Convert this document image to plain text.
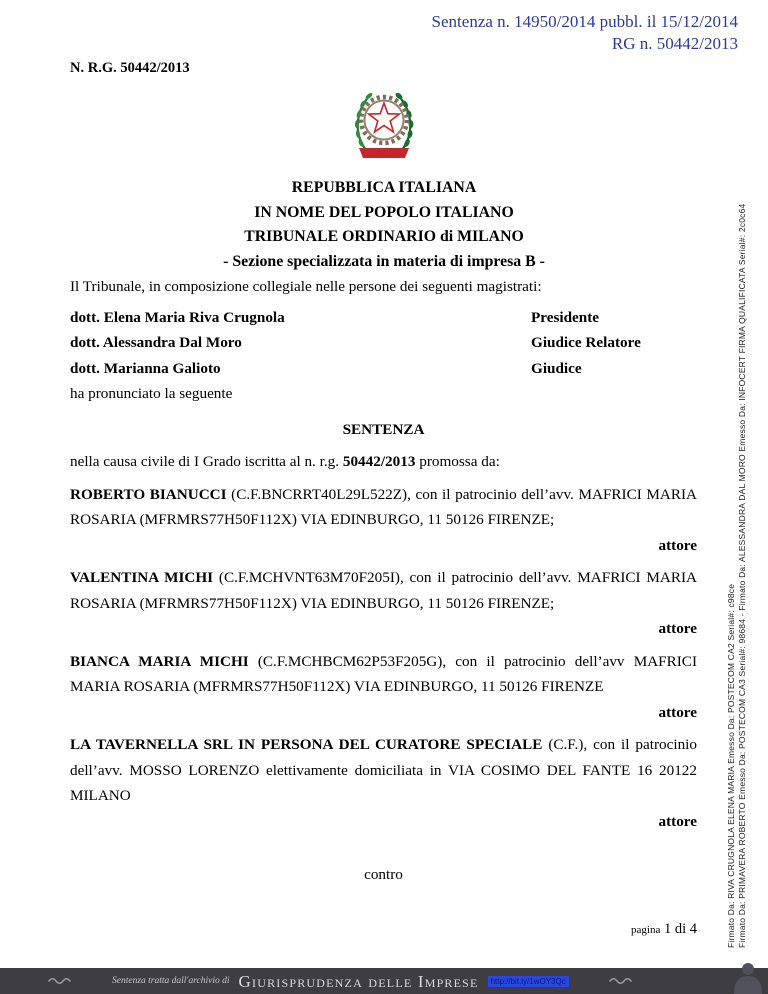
Sentenza n. 14950/2014 pubbl. il 15/12/2014
RG n. 50442/2013
N. R.G. 50442/2013
REPUBBLICA ITALIANA
IN NOME DEL POPOLO ITALIANO
TRIBUNALE ORDINARIO di MILANO
- Sezione specializzata in materia di impresa B -

Il Tribunale, in composizione collegiale nelle persone dei seguenti magistrati:

dott. Elena Maria Riva Crugnola	Presidente
dott. Alessandra Dal Moro	Giudice Relatore
dott. Marianna Galioto	Giudice

ha pronunciato la seguente

SENTENZA

nella causa civile di I Grado iscritta al n. r.g. 50442/2013 promossa da:

ROBERTO BIANUCCI (C.F.BNCRRT40L29L522Z), con il patrocinio dell’avv. MAFRICI MARIA ROSARIA (MFRMRS77H50F112X) VIA EDINBURGO, 11 50126 FIRENZE;

attore

VALENTINA MICHI (C.F.MCHVNT63M70F205I), con il patrocinio dell’avv. MAFRICI MARIA ROSARIA (MFRMRS77H50F112X) VIA EDINBURGO, 11 50126 FIRENZE;

attore

BIANCA MARIA MICHI (C.F.MCHBCM62P53F205G), con il patrocinio dell’avv MAFRICI MARIA ROSARIA (MFRMRS77H50F112X) VIA EDINBURGO, 11 50126 FIRENZE

attore

LA TAVERNELLA SRL IN PERSONA DEL CURATORE SPECIALE (C.F.), con il patrocinio dell’avv. MOSSO LORENZO elettivamente domiciliata in VIA COSIMO DEL FANTE 16 20122 MILANO

attore

contro

pagina 1 di 4	Firmato Da: PRIMAVERA ROBERTO Emesso Da: POSTECOM CA3 Serial#: 98684 - Firmato Da: ALESSANDRA DAL MORO Emesso Da: INFOCERT FIRMA QUALIFICATA Serial#: 2c0c64
Firmato Da: RIVA CRUGNOLA ELENA MARIA Emesso Da: POSTECOM CA2 Serial#: c98ce
Sentenza tratta dall'archivio di Giurisprudenza delle Imprese	http://bit.ly/1wOY3Qc
